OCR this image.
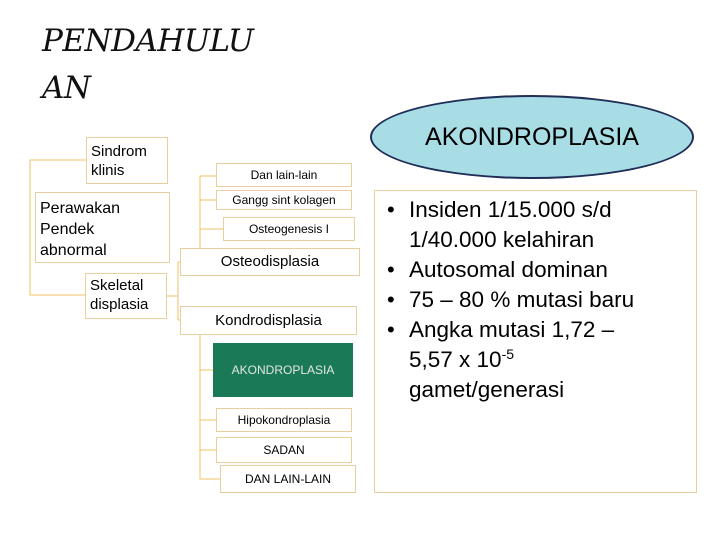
PENDAHULU
AN
AKONDROPLASIA
Sindrom
klinis
Perawakan
Pendek
abnormal
Skeletal
displasia
Dan lain-lain
Gangg sint kolagen
Osteogenesis I
Osteodisplasia
Kondrodisplasia
AKONDROPLASIA
Hipokondroplasia
SADAN
DAN LAIN-LAIN
• Insiden 1/15.000 s/d
1/40.000 kelahiran
• Autosomal dominan
• 75 – 80 % mutasi baru
• Angka mutasi 1,72 –
5,57 x $10^{-5}$
gamet/generasi
